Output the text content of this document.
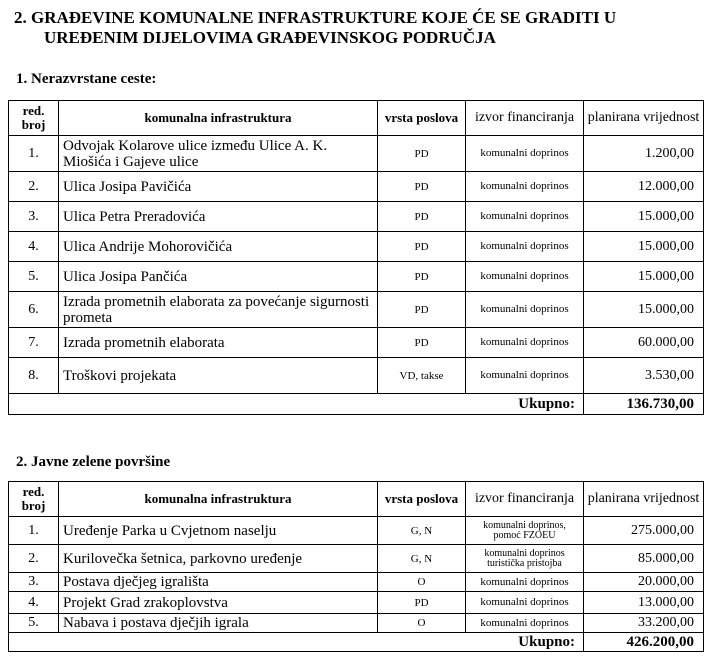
2. GRAĐEVINE KOMUNALNE INFRASTRUKTURE KOJE ĆE SE GRADITI U
UREĐENIM DIJELOVIMA GRAĐEVINSKOG PODRUČJA
1. Nerazvrstane ceste:
red. broj	komunalna infrastruktura	vrsta poslova	izvor financiranja	planirana vrijednost
1.	Odvojak Kolarove ulice između Ulice A. K. Miošića i Gajeve ulice	PD	komunalni doprinos	1.200,00
2.	Ulica Josipa Pavičića	PD	komunalni doprinos	12.000,00
3.	Ulica Petra Preradovića	PD	komunalni doprinos	15.000,00
4.	Ulica Andrije Mohorovičića	PD	komunalni doprinos	15.000,00
5.	Ulica Josipa Pančića	PD	komunalni doprinos	15.000,00
6.	Izrada prometnih elaborata za povećanje sigurnosti prometa	PD	komunalni doprinos	15.000,00
7.	Izrada prometnih elaborata	PD	komunalni doprinos	60.000,00
8.	Troškovi projekata	VD, takse	komunalni doprinos	3.530,00
Ukupno:				136.730,00
2. Javne zelene površine
red. broj	komunalna infrastruktura	vrsta poslova	izvor financiranja	planirana vrijednost
1.	Uređenje Parka u Cvjetnom naselju	G, N	komunalni doprinos, pomoć FZOEU	275.000,00
2.	Kurilovečka šetnica, parkovno uređenje	G, N	komunalni doprinos turistička pristojba	85.000,00
3.	Postava dječjeg igrališta	O	komunalni doprinos	20.000,00
4.	Projekt Grad zrakoplovstva	PD	komunalni doprinos	13.000,00
5.	Nabava i postava dječjih igrala	O	komunalni doprinos	33.200,00
Ukupno:				426.200,00
